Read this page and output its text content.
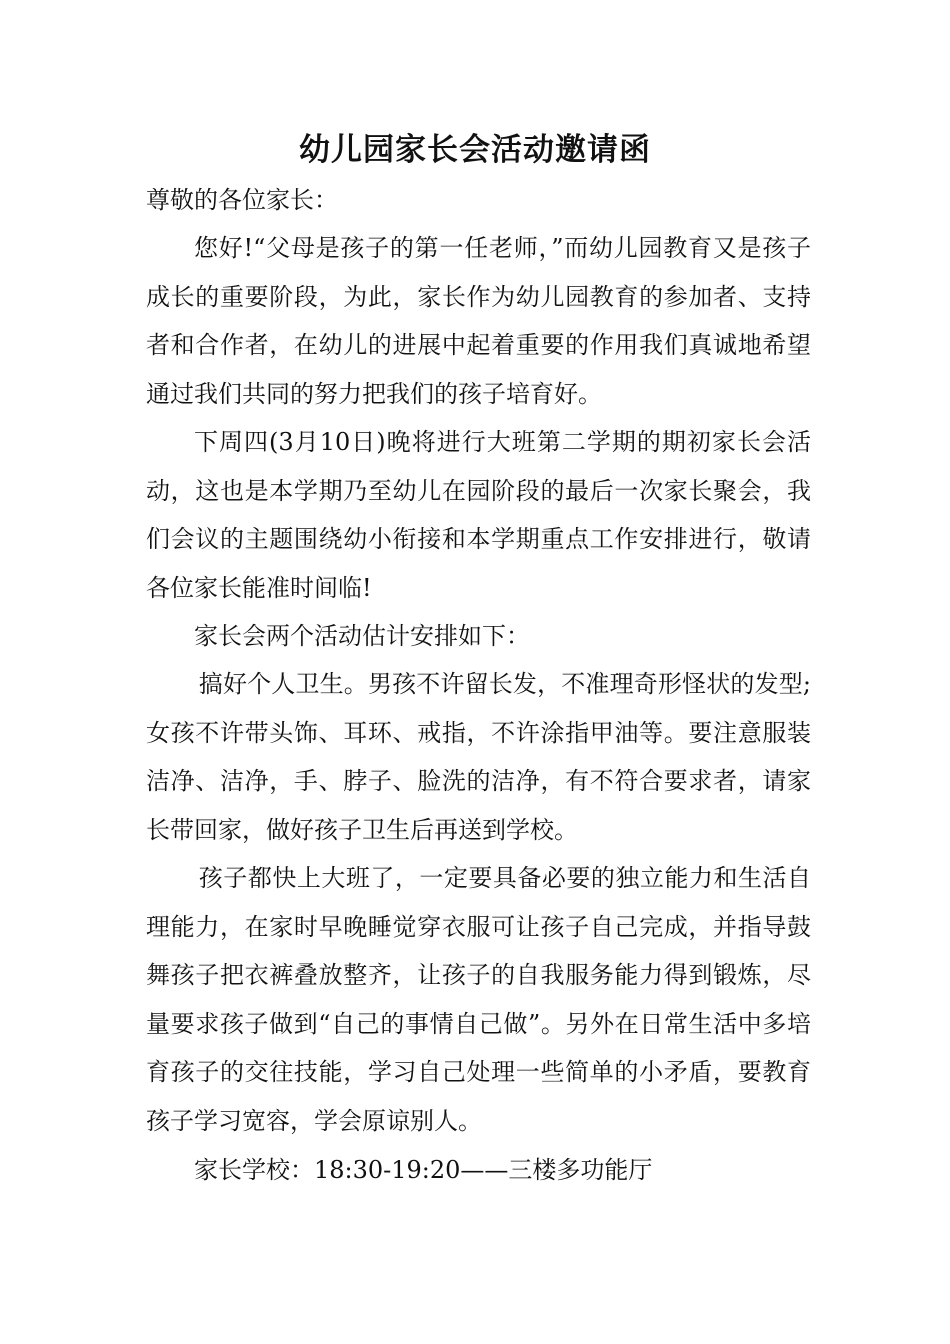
幼儿园家长会活动邀请函
尊敬的各位家长：
您好!“父母是孩子的第一任老师，”而幼儿园教育又是孩子成长的重要阶段，为此，家长作为幼儿园教育的参加者、支持者和合作者，在幼儿的进展中起着重要的作用我们真诚地希望通过我们共同的努力把我们的孩子培育好。
下周四(3月10日)晚将进行大班第二学期的期初家长会活动，这也是本学期乃至幼儿在园阶段的最后一次家长聚会，我们会议的主题围绕幼小衔接和本学期重点工作安排进行，敬请各位家长能准时间临!
家长会两个活动估计安排如下：
搞好个人卫生。男孩不许留长发，不准理奇形怪状的发型;女孩不许带头饰、耳环、戒指，不许涂指甲油等。要注意服装洁净、洁净，手、脖子、脸洗的洁净，有不符合要求者，请家长带回家，做好孩子卫生后再送到学校。
孩子都快上大班了，一定要具备必要的独立能力和生活自理能力，在家时早晚睡觉穿衣服可让孩子自己完成，并指导鼓舞孩子把衣裤叠放整齐，让孩子的自我服务能力得到锻炼，尽量要求孩子做到“自己的事情自己做”。另外在日常生活中多培育孩子的交往技能，学习自己处理一些简单的小矛盾，要教育孩子学习宽容，学会原谅别人。
家长学校：18:30-19:20——三楼多功能厅
